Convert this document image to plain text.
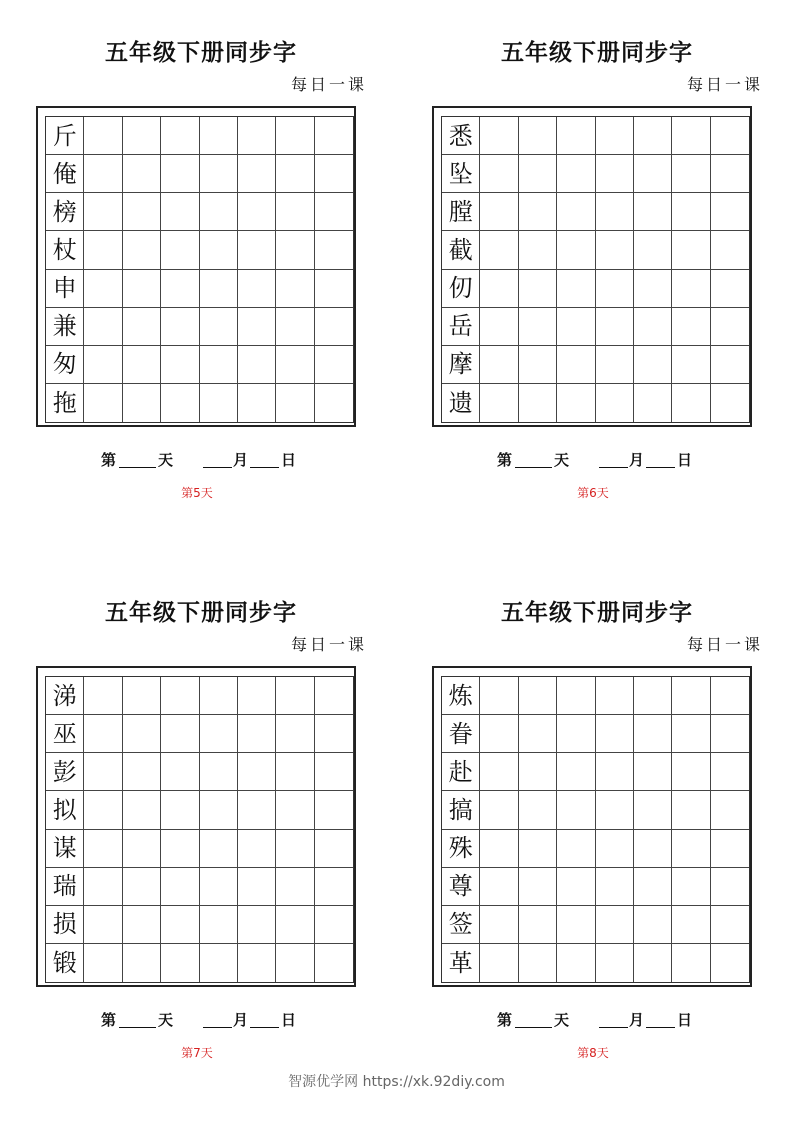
五年级下册同步字
每日一课
斤
俺
榜
杖
申
兼
匆
拖
第	天	月 日
第5天
五年级下册同步字
每日一课
悉
坠
膛
截
仞
岳
摩
遗
第	天	月 日
第6天
五年级下册同步字
每日一课
涕
巫
彭
拟
谋
瑞
损
锻
第	天	月 日
第7天
五年级下册同步字
每日一课
炼
眷
赴
搞
殊
尊
签
革
第	天	月 日
第8天
智源优学网 https://xk.92diy.com
